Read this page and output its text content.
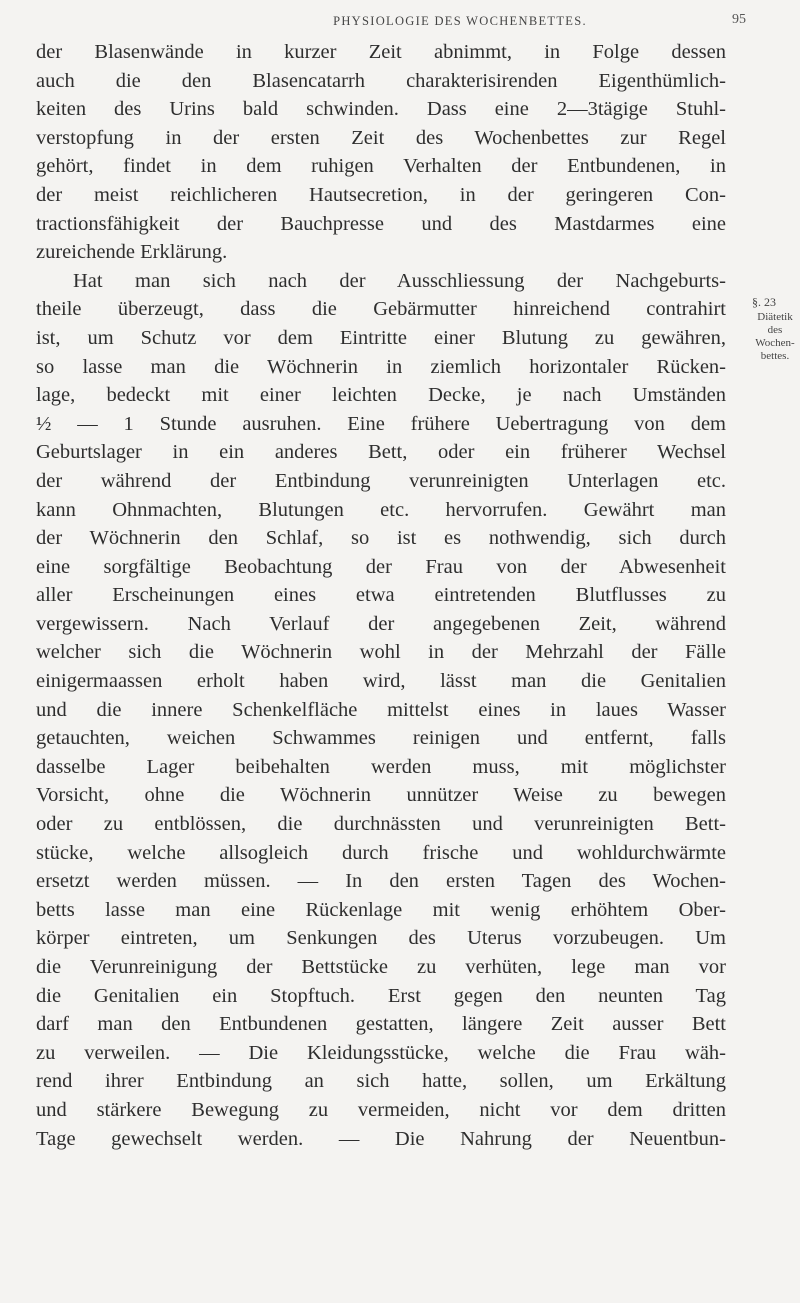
PHYSIOLOGIE DES WOCHENBETTES.	95
der Blasenwände in kurzer Zeit abnimmt, in Folge dessen
auch die den Blasencatarrh charakterisirenden Eigenthümlich-
keiten des Urins bald schwinden. Dass eine 2—3tägige Stuhl-
verstopfung in der ersten Zeit des Wochenbettes zur Regel
gehört, findet in dem ruhigen Verhalten der Entbundenen, in
der meist reichlicheren Hautsecretion, in der geringeren Con-
tractionsfähigkeit der Bauchpresse und des Mastdarmes eine
zureichende Erklärung.
Hat man sich nach der Ausschliessung der Nachgeburts-
theile überzeugt, dass die Gebärmutter hinreichend contrahirt
ist, um Schutz vor dem Eintritte einer Blutung zu gewähren,
so lasse man die Wöchnerin in ziemlich horizontaler Rücken-
lage, bedeckt mit einer leichten Decke, je nach Umständen
½ — 1 Stunde ausruhen. Eine frühere Uebertragung von dem
Geburtslager in ein anderes Bett, oder ein früherer Wechsel
der während der Entbindung verunreinigten Unterlagen etc.
kann Ohnmachten, Blutungen etc. hervorrufen. Gewährt man
der Wöchnerin den Schlaf, so ist es nothwendig, sich durch
eine sorgfältige Beobachtung der Frau von der Abwesenheit
aller Erscheinungen eines etwa eintretenden Blutflusses zu
vergewissern. Nach Verlauf der angegebenen Zeit, während
welcher sich die Wöchnerin wohl in der Mehrzahl der Fälle
einigermaassen erholt haben wird, lässt man die Genitalien
und die innere Schenkelfläche mittelst eines in laues Wasser
getauchten, weichen Schwammes reinigen und entfernt, falls
dasselbe Lager beibehalten werden muss, mit möglichster
Vorsicht, ohne die Wöchnerin unnützer Weise zu bewegen
oder zu entblössen, die durchnässten und verunreinigten Bett-
stücke, welche allsogleich durch frische und wohldurchwärmte
ersetzt werden müssen. — In den ersten Tagen des Wochen-
betts lasse man eine Rückenlage mit wenig erhöhtem Ober-
körper eintreten, um Senkungen des Uterus vorzubeugen. Um
die Verunreinigung der Bettstücke zu verhüten, lege man vor
die Genitalien ein Stopftuch. Erst gegen den neunten Tag
darf man den Entbundenen gestatten, längere Zeit ausser Bett
zu verweilen. — Die Kleidungsstücke, welche die Frau wäh-
rend ihrer Entbindung an sich hatte, sollen, um Erkältung
und stärkere Bewegung zu vermeiden, nicht vor dem dritten
Tage gewechselt werden. — Die Nahrung der Neuentbun-
§. 23
Diätetik
des
Wochen-
bettes.
